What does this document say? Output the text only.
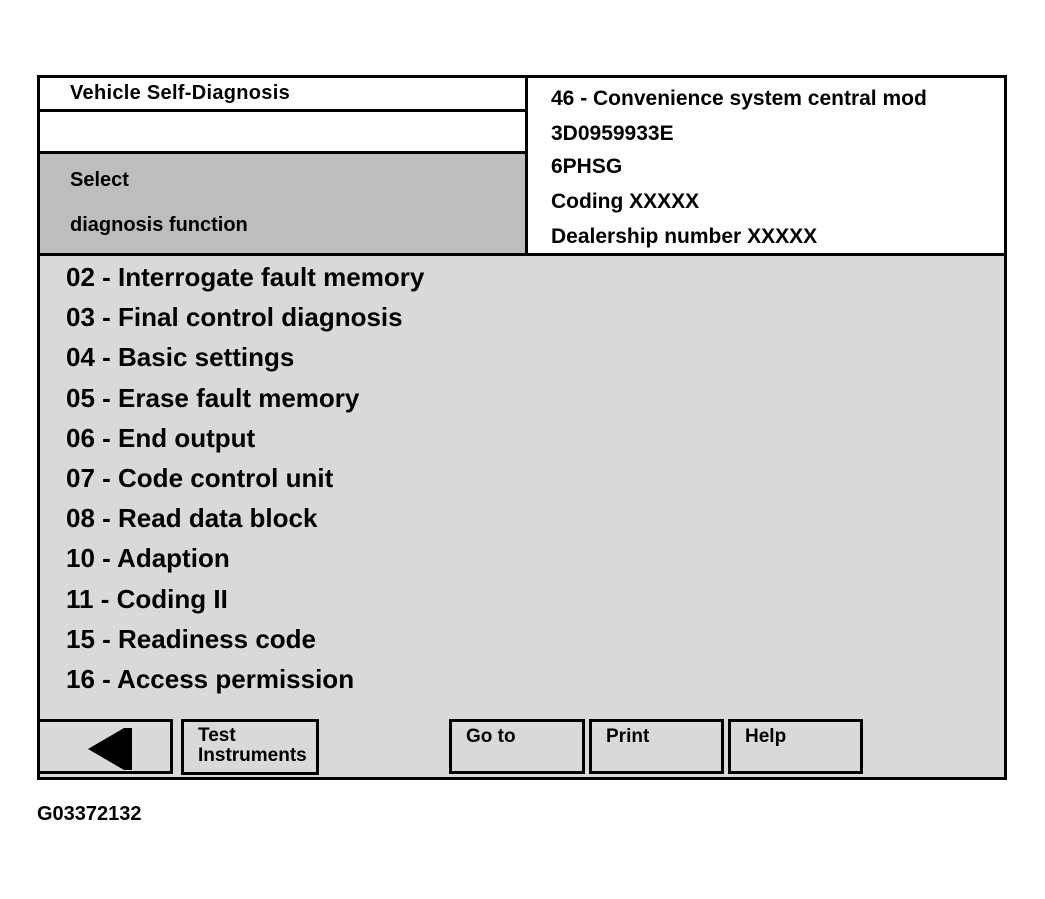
Vehicle Self-Diagnosis
Select
diagnosis function
46 - Convenience system central mod
3D0959933E
6PHSG
Coding XXXXX
Dealership number XXXXX
02 - Interrogate fault memory
03 - Final control diagnosis
04 - Basic settings
05 - Erase fault memory
06 - End output
07 - Code control unit
08 - Read data block
10 - Adaption
11 - Coding II
15 - Readiness code
16 - Access permission
Test
Instruments
Go to	Print	Help
G03372132
